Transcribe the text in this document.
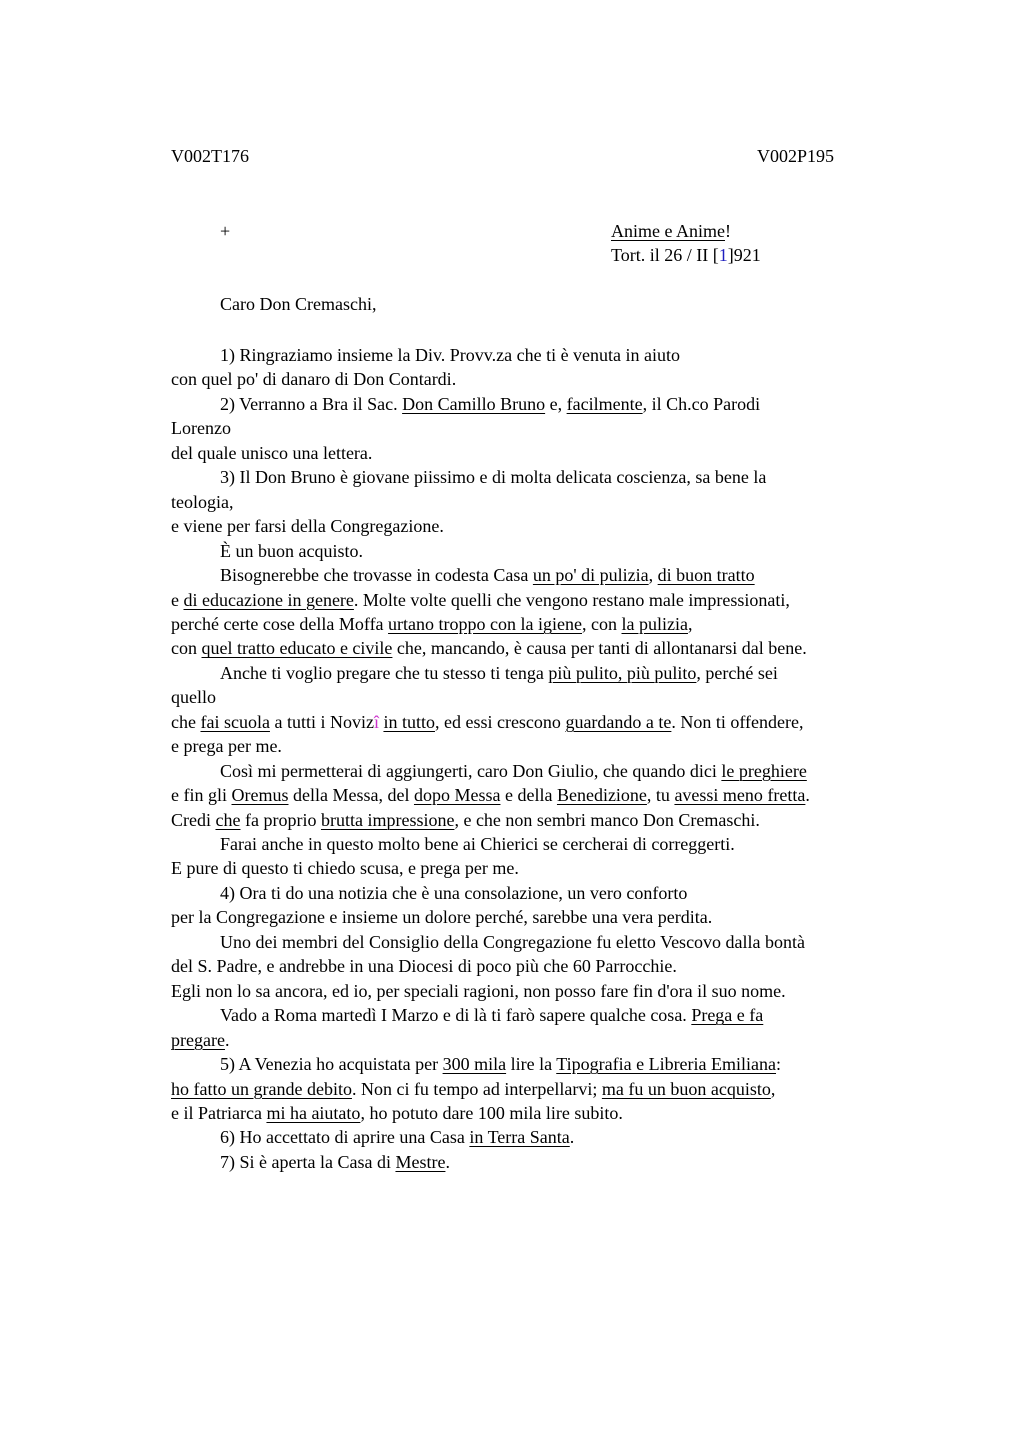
V002T176	V002P195
+	Anime e Anime!
Tort. il 26 / II [1]921
Caro Don Cremaschi,
1) Ringraziamo insieme la Div. Provv.za che ti è venuta in aiuto
con quel po' di danaro di Don Contardi.
2) Verranno a Bra il Sac. Don Camillo Bruno e, facilmente, il Ch.co Parodi
Lorenzo
del quale unisco una lettera.
3) Il Don Bruno è giovane piissimo e di molta delicata coscienza, sa bene la
teologia,
e viene per farsi della Congregazione.
È un buon acquisto.
Bisognerebbe che trovasse in codesta Casa un po' di pulizia, di buon tratto
e di educazione in genere. Molte volte quelli che vengono restano male impressionati,
perché certe cose della Moffa urtano troppo con la igiene, con la pulizia,
con quel tratto educato e civile che, mancando, è causa per tanti di allontanarsi dal bene.
Anche ti voglio pregare che tu stesso ti tenga più pulito, più pulito, perché sei
quello
che fai scuola a tutti i Novizî in tutto, ed essi crescono guardando a te. Non ti offendere,
e prega per me.
Così mi permetterai di aggiungerti, caro Don Giulio, che quando dici le preghiere
e fin gli Oremus della Messa, del dopo Messa e della Benedizione, tu avessi meno fretta.
Credi che fa proprio brutta impressione, e che non sembri manco Don Cremaschi.
Farai anche in questo molto bene ai Chierici se cercherai di correggerti.
E pure di questo ti chiedo scusa, e prega per me.
4) Ora ti do una notizia che è una consolazione, un vero conforto
per la Congregazione e insieme un dolore perché, sarebbe una vera perdita.
Uno dei membri del Consiglio della Congregazione fu eletto Vescovo dalla bontà
del S. Padre, e andrebbe in una Diocesi di poco più che 60 Parrocchie.
Egli non lo sa ancora, ed io, per speciali ragioni, non posso fare fin d'ora il suo nome.
Vado a Roma martedì I Marzo e di là ti farò sapere qualche cosa. Prega e fa
pregare.
5) A Venezia ho acquistata per 300 mila lire la Tipografia e Libreria Emiliana:
ho fatto un grande debito. Non ci fu tempo ad interpellarvi; ma fu un buon acquisto,
e il Patriarca mi ha aiutato, ho potuto dare 100 mila lire subito.
6) Ho accettato di aprire una Casa in Terra Santa.
7) Si è aperta la Casa di Mestre.
